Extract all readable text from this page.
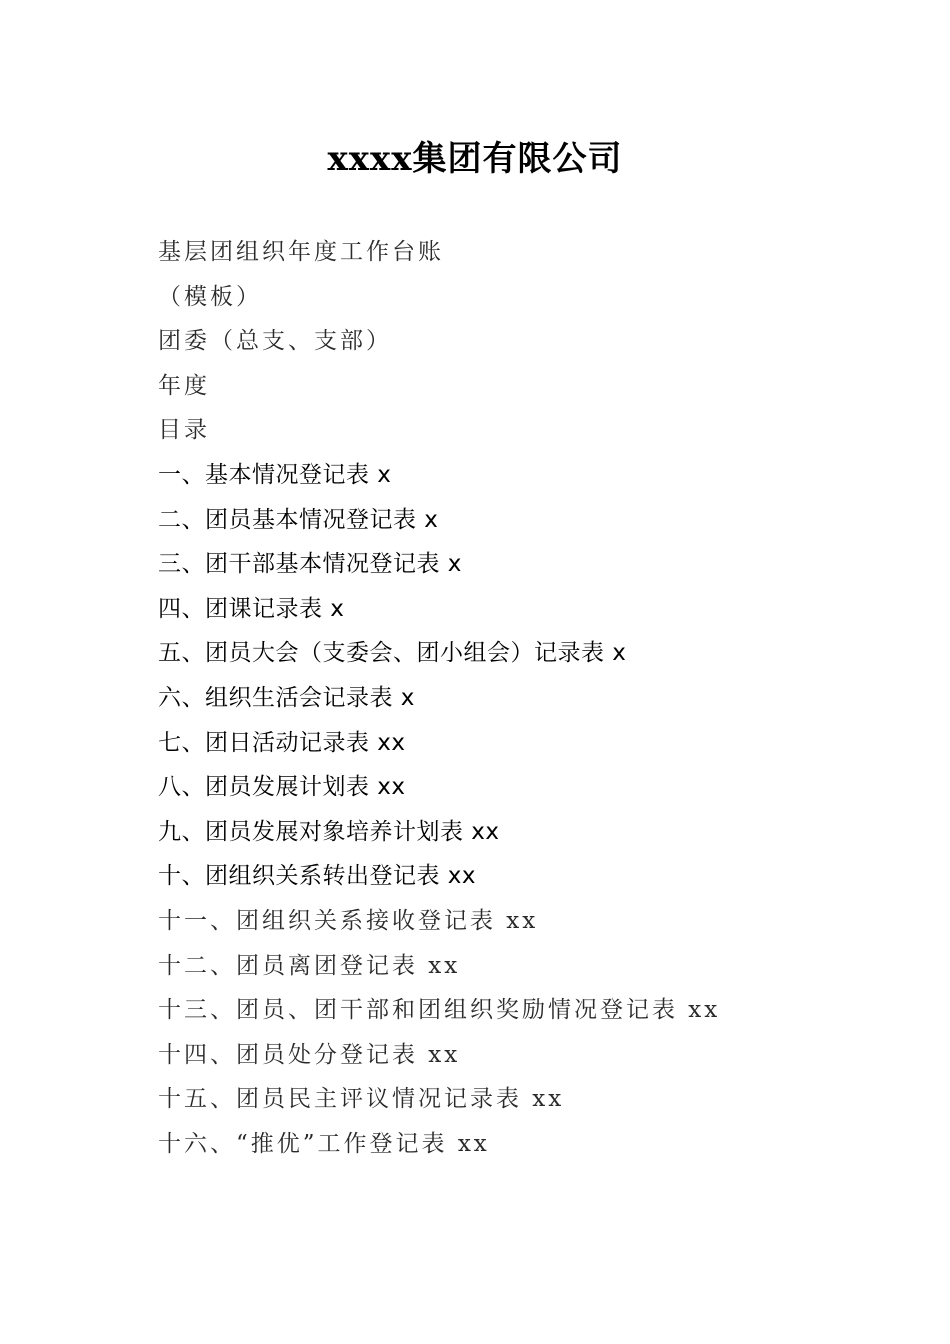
xxxx集团有限公司
基层团组织年度工作台账
（模板）
团委（总支、支部）
年度
目录
一、基本情况登记表 x
二、团员基本情况登记表 x
三、团干部基本情况登记表 x
四、团课记录表 x
五、团员大会（支委会、团小组会）记录表 x
六、组织生活会记录表 x
七、团日活动记录表 xx
八、团员发展计划表 xx
九、团员发展对象培养计划表 xx
十、团组织关系转出登记表 xx
十一、团组织关系接收登记表 xx
十二、团员离团登记表 xx
十三、团员、团干部和团组织奖励情况登记表 xx
十四、团员处分登记表 xx
十五、团员民主评议情况记录表 xx
十六、“推优”工作登记表 xx
